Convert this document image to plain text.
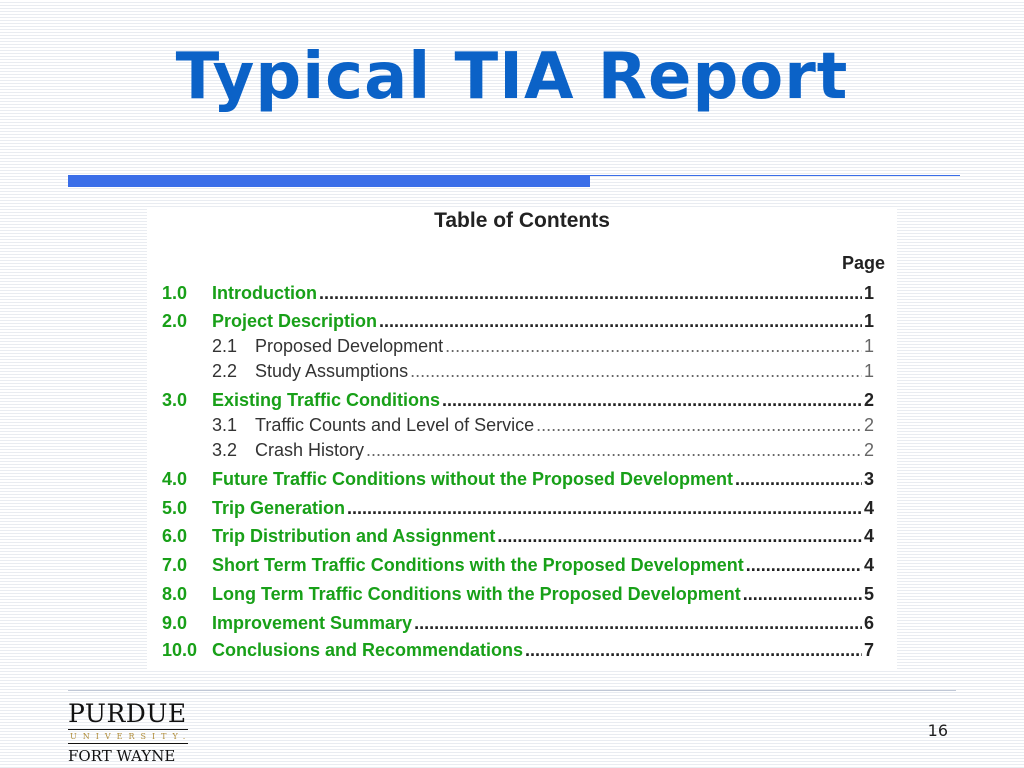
Typical TIA Report
Table of Contents
Page
1.0	Introduction .....	1
2.0	Project Description .....	1
2.1 Proposed Development .....	1
2.2 Study Assumptions .....	1
3.0	Existing Traffic Conditions .....	2
3.1 Traffic Counts and Level of Service .....	2
3.2 Crash History .....	2
4.0	Future Traffic Conditions without the Proposed Development .....	3
5.0	Trip Generation .....	4
6.0	Trip Distribution and Assignment .....	4
7.0	Short Term Traffic Conditions with the Proposed Development .....	4
8.0	Long Term Traffic Conditions with the Proposed Development .....	5
9.0	Improvement Summary .....	6
10.0 Conclusions and Recommendations .....	7
PURDUE
UNIVERSITY.
FORT WAYNE
16
